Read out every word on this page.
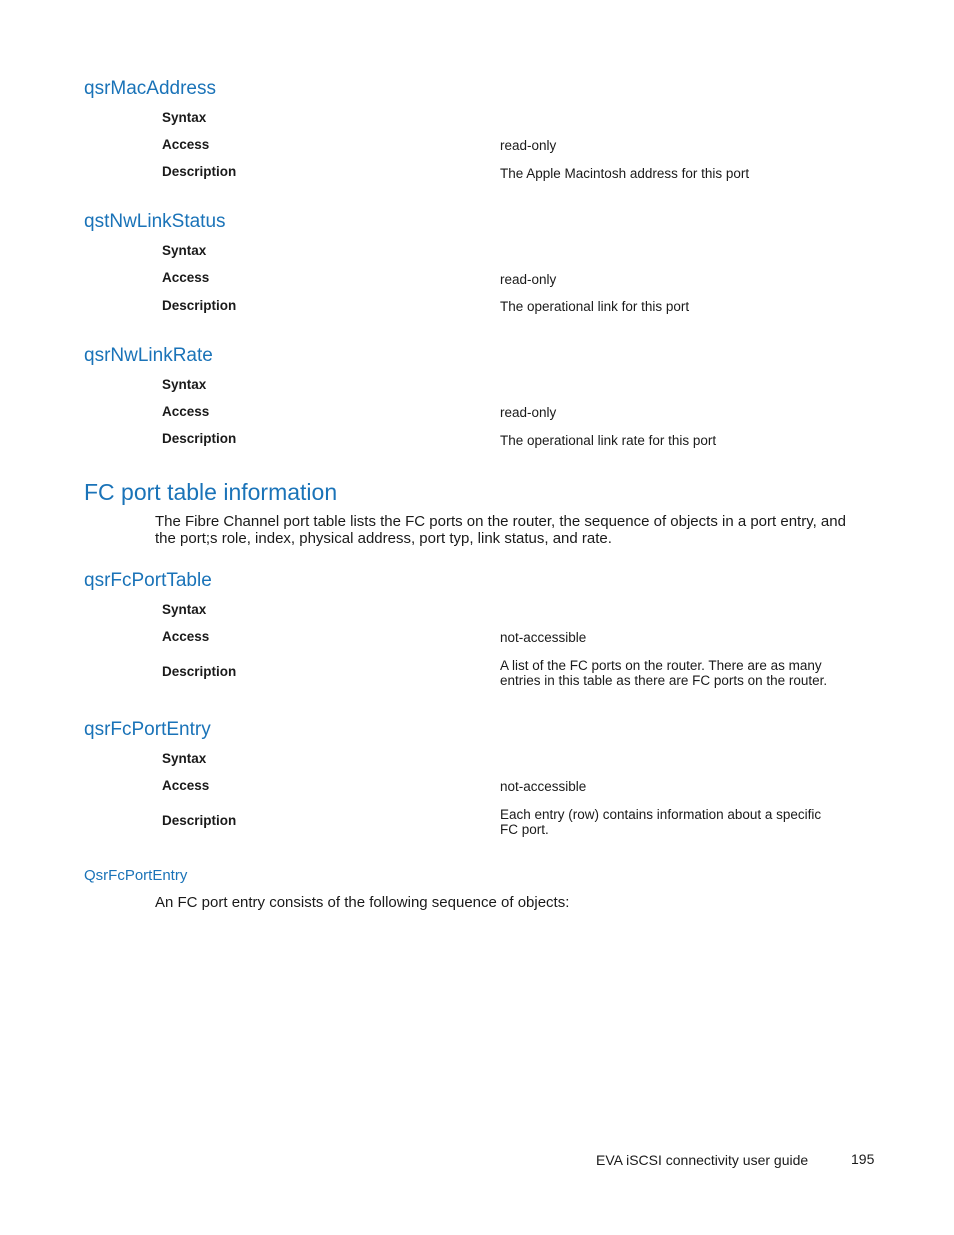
qsrMacAddress
Syntax
Access	read-only
Description	The Apple Macintosh address for this port
qstNwLinkStatus
Syntax
Access	read-only
Description	The operational link for this port
qsrNwLinkRate
Syntax
Access	read-only
Description	The operational link rate for this port
FC port table information
The Fibre Channel port table lists the FC ports on the router, the sequence of objects in a port entry, and the port;s role, index, physical address, port typ, link status, and rate.
qsrFcPortTable
Syntax
Access	not-accessible
Description	A list of the FC ports on the router. There are as many entries in this table as there are FC ports on the router.
qsrFcPortEntry
Syntax
Access	not-accessible
Description	Each entry (row) contains information about a specific FC port.
QsrFcPortEntry
An FC port entry consists of the following sequence of objects:
EVA iSCSI connectivity user guide	195
